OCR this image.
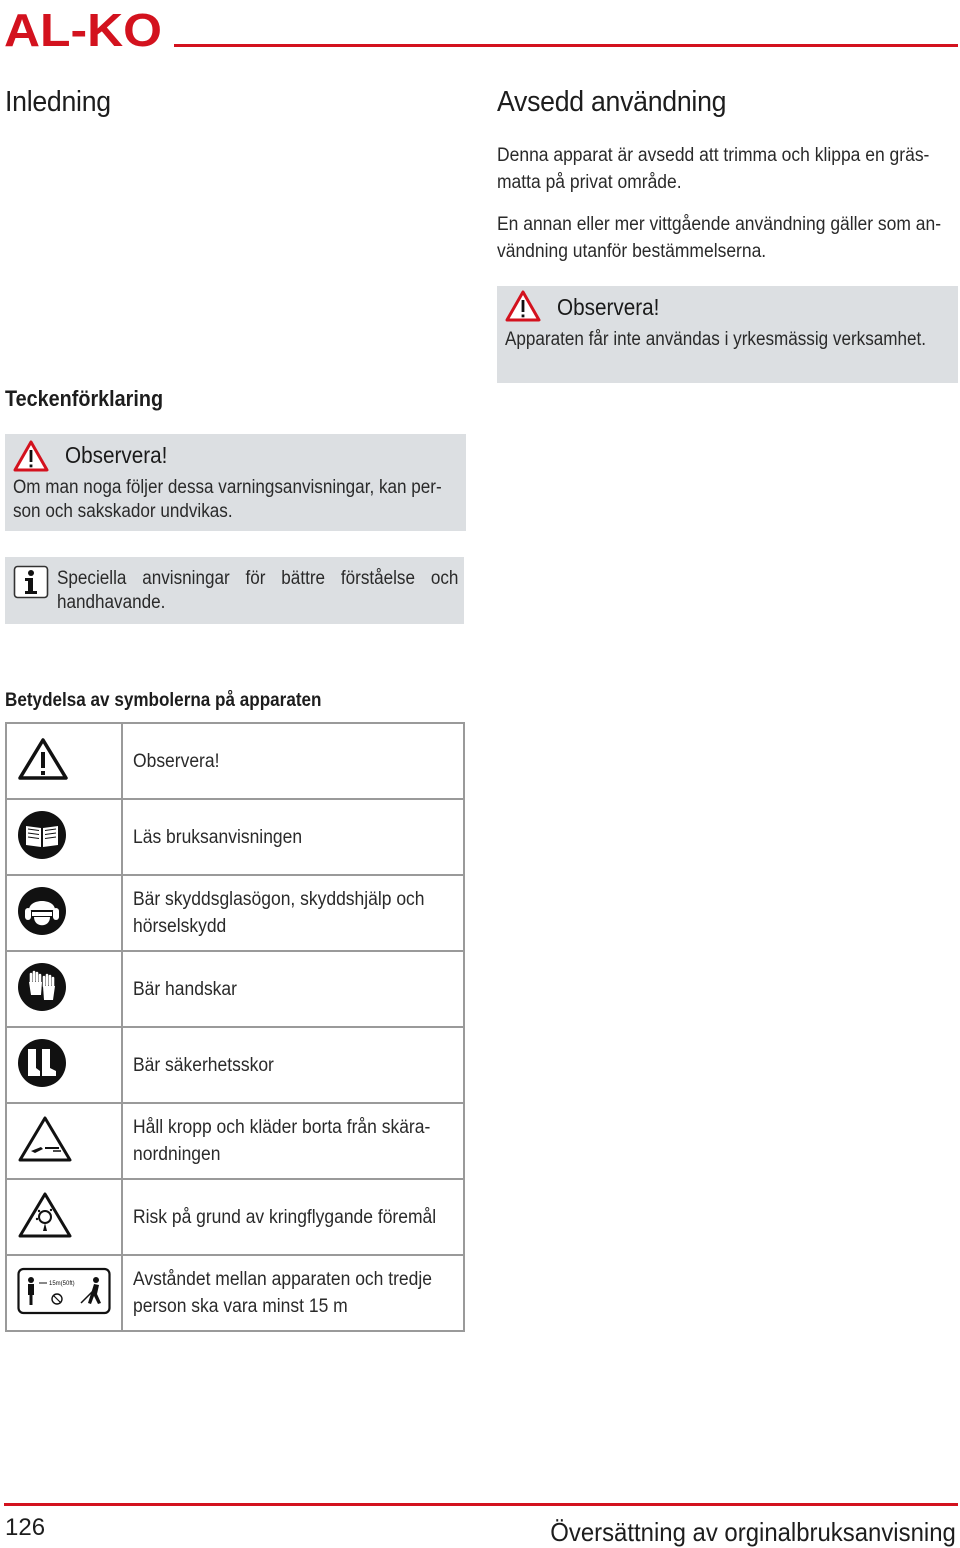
AL-KO
Inledning
Teckenförklaring
Observera!
Om man noga följer dessa varningsanvisningar, kan per-
son och sakskador undvikas.
Speciella anvisningar för bättre förståelse och
handhavande.
Betydelsa av symbolerna på apparaten
	Observera!

	Läs bruksanvisningen

	Bär skyddsglasögon, skyddshjälp och
hörselskydd

	Bär handskar

	Bär säkerhetsskor

	Håll kropp och kläder borta från skära-
nordningen

	Risk på grund av kringflygande föremål

15m(50ft)	Avståndet mellan apparaten och tredje
person ska vara minst 15 m
Avsedd användning
Denna apparat är avsedd att trimma och klippa en gräs-
matta på privat område.
En annan eller mer vittgående användning gäller som an-
vändning utanför bestämmelserna.
Observera!
Apparaten får inte användas i yrkesmässig verksamhet.
126	Översättning av orginalbruksanvisning
